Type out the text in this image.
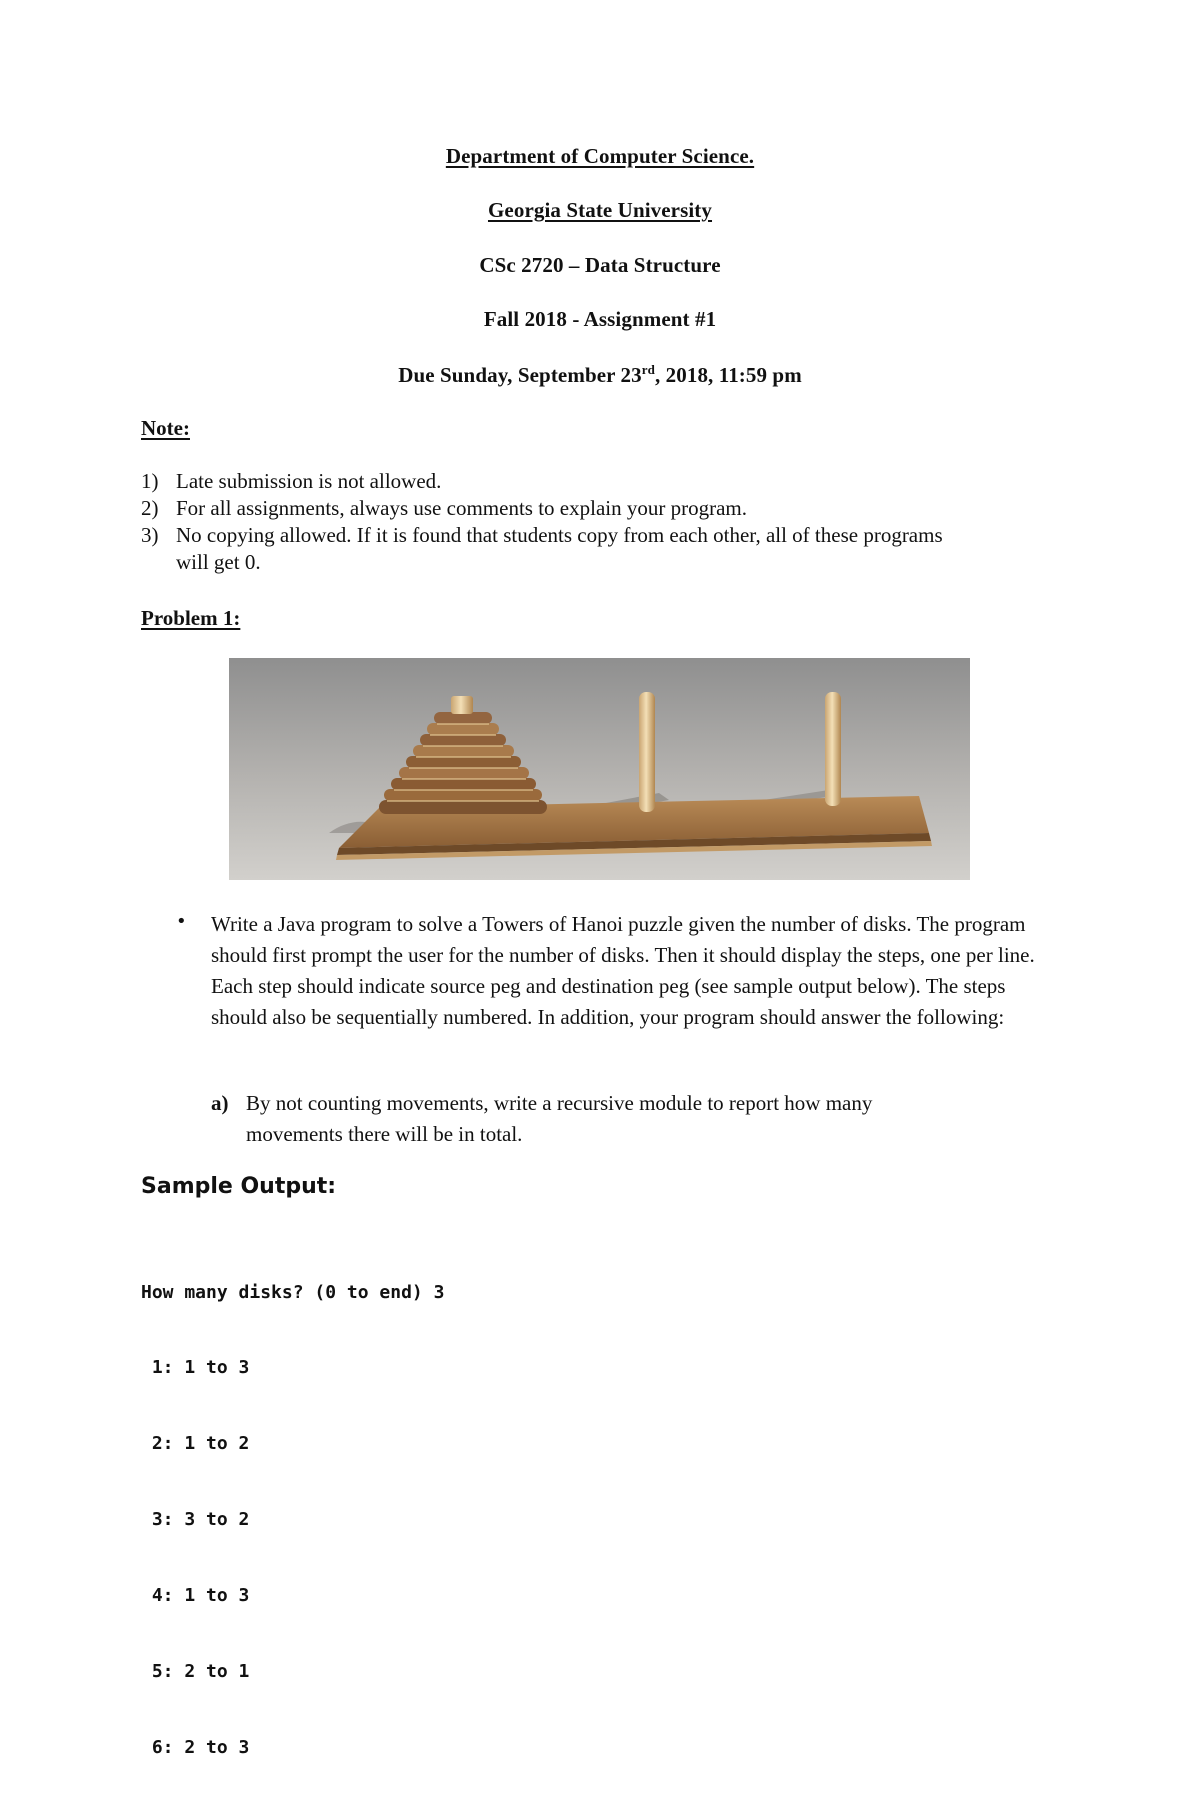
Department of Computer Science.
Georgia State University
CSc 2720 – Data Structure
Fall 2018 - Assignment #1
Due Sunday, September 23rd, 2018, 11:59 pm
Note:
1) Late submission is not allowed.
2) For all assignments, always use comments to explain your program.
3) No copying allowed. If it is found that students copy from each other, all of these programs will get 0.
Problem 1:
• Write a Java program to solve a Towers of Hanoi puzzle given the number of disks. The program should first prompt the user for the number of disks. Then it should display the steps, one per line. Each step should indicate source peg and destination peg (see sample output below). The steps should also be sequentially numbered. In addition, your program should answer the following:
a) By not counting movements, write a recursive module to report how many movements there will be in total.
Sample Output:

How many disks? (0 to end) 3

1: 1 to 3

2: 1 to 2

3: 3 to 2

4: 1 to 3

5: 2 to 1

6: 2 to 3
